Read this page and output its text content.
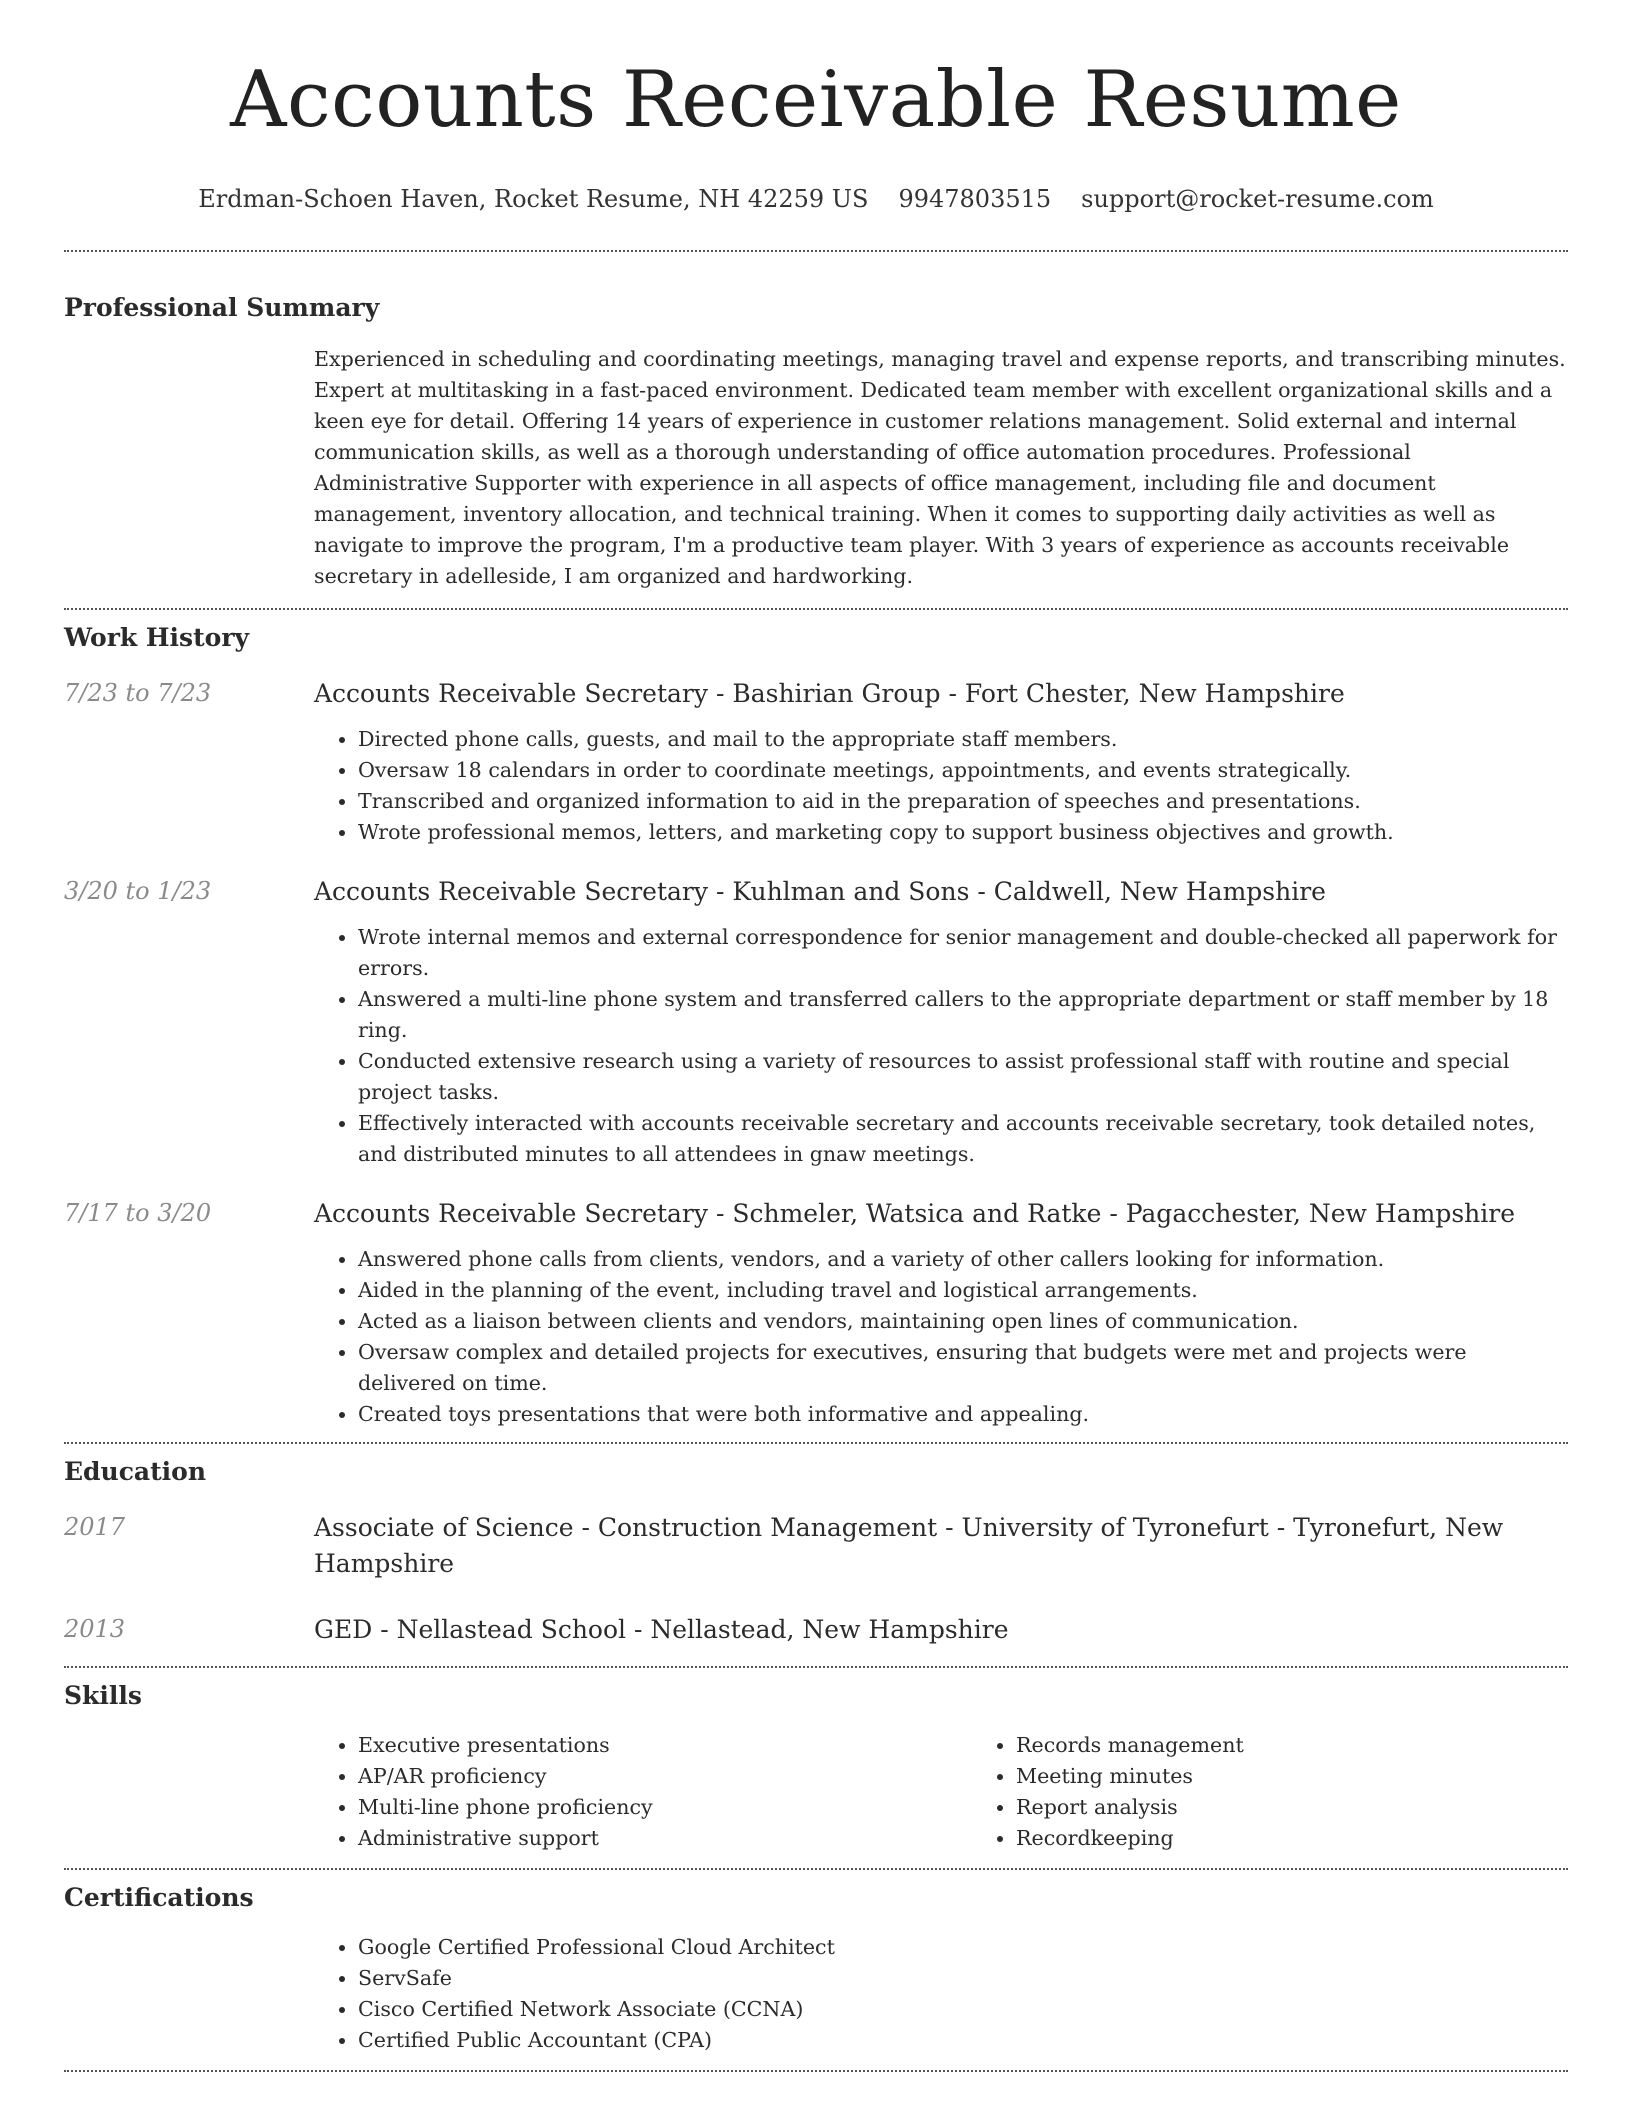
Accounts Receivable Resume
Erdman-Schoen Haven, Rocket Resume, NH 42259 US 9947803515 support@rocket-resume.com
Professional Summary
Experienced in scheduling and coordinating meetings, managing travel and expense reports, and transcribing minutes. Expert at multitasking in a fast-paced environment. Dedicated team member with excellent organizational skills and a keen eye for detail. Offering 14 years of experience in customer relations management. Solid external and internal communication skills, as well as a thorough understanding of office automation procedures. Professional Administrative Supporter with experience in all aspects of office management, including file and document management, inventory allocation, and technical training. When it comes to supporting daily activities as well as navigate to improve the program, I'm a productive team player. With 3 years of experience as accounts receivable secretary in adelleside, I am organized and hardworking.
Work History
7/23 to 7/23	Accounts Receivable Secretary - Bashirian Group - Fort Chester, New Hampshire
• Directed phone calls, guests, and mail to the appropriate staff members.
• Oversaw 18 calendars in order to coordinate meetings, appointments, and events strategically.
• Transcribed and organized information to aid in the preparation of speeches and presentations.
• Wrote professional memos, letters, and marketing copy to support business objectives and growth.
3/20 to 1/23	Accounts Receivable Secretary - Kuhlman and Sons - Caldwell, New Hampshire
• Wrote internal memos and external correspondence for senior management and double-checked all paperwork for errors.
• Answered a multi-line phone system and transferred callers to the appropriate department or staff member by 18 ring.
• Conducted extensive research using a variety of resources to assist professional staff with routine and special project tasks.
• Effectively interacted with accounts receivable secretary and accounts receivable secretary, took detailed notes, and distributed minutes to all attendees in gnaw meetings.
7/17 to 3/20	Accounts Receivable Secretary - Schmeler, Watsica and Ratke - Pagacchester, New Hampshire
• Answered phone calls from clients, vendors, and a variety of other callers looking for information.
• Aided in the planning of the event, including travel and logistical arrangements.
• Acted as a liaison between clients and vendors, maintaining open lines of communication.
• Oversaw complex and detailed projects for executives, ensuring that budgets were met and projects were delivered on time.
• Created toys presentations that were both informative and appealing.
Education
2017	Associate of Science - Construction Management - University of Tyronefurt - Tyronefurt, New Hampshire
2013	GED - Nellastead School - Nellastead, New Hampshire
Skills
• Executive presentations
• AP/AR proficiency
• Multi-line phone proficiency
• Administrative support
• Records management
• Meeting minutes
• Report analysis
• Recordkeeping
Certifications
• Google Certified Professional Cloud Architect
• ServSafe
• Cisco Certified Network Associate (CCNA)
• Certified Public Accountant (CPA)
